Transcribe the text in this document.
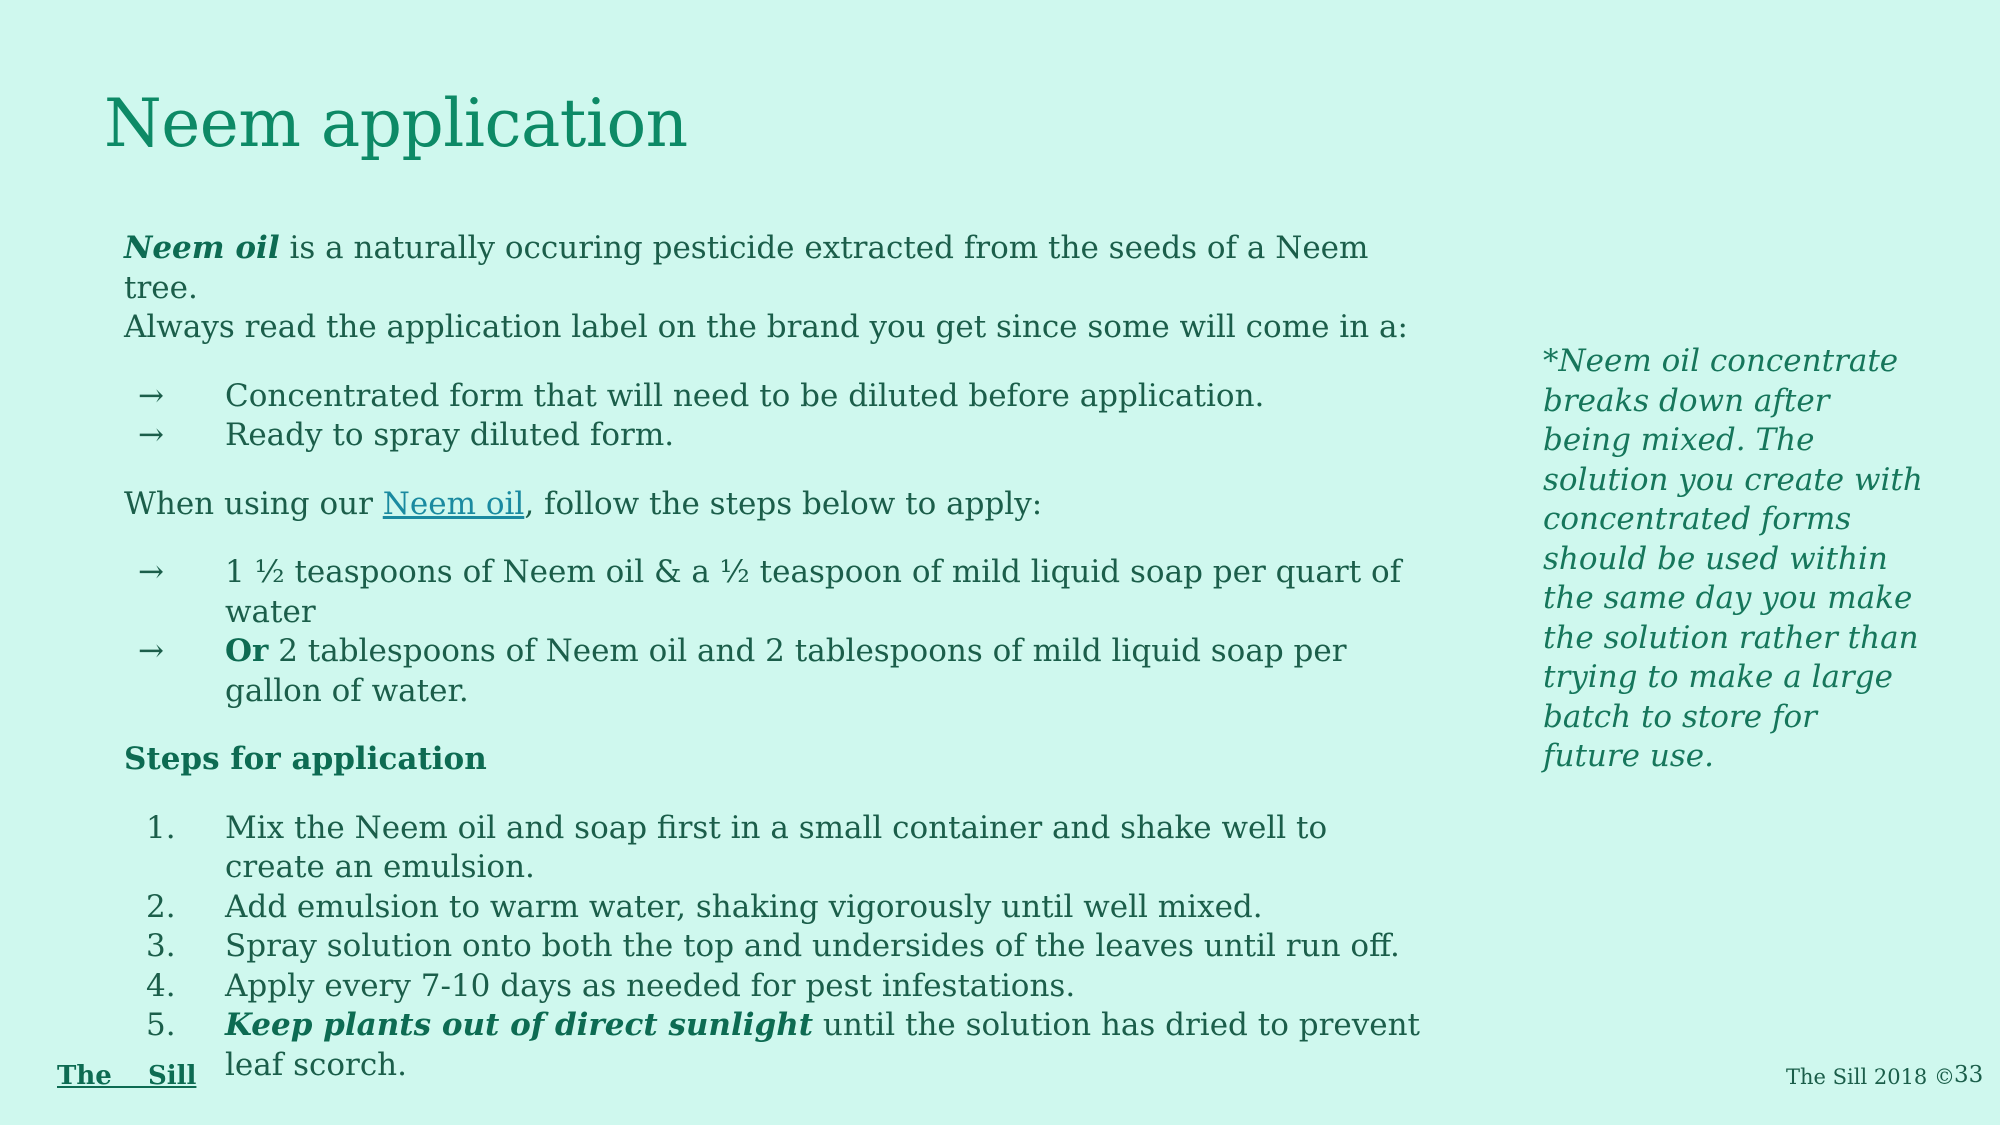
Neem application

Neem oil is a naturally occuring pesticide extracted from the seeds of a Neem tree.
Always read the application label on the brand you get since some will come in a:

→	Concentrated form that will need to be diluted before application.
→	Ready to spray diluted form.

When using our Neem oil, follow the steps below to apply:

→	1 ½ teaspoons of Neem oil & a ½ teaspoon of mild liquid soap per quart of water
→	Or 2 tablespoons of Neem oil and 2 tablespoons of mild liquid soap per gallon of water.

Steps for application

1.	Mix the Neem oil and soap first in a small container and shake well to create an emulsion.
2.	Add emulsion to warm water, shaking vigorously until well mixed.
3.	Spray solution onto both the top and undersides of the leaves until run off.
4.	Apply every 7-10 days as needed for pest infestations.
5.	Keep plants out of direct sunlight until the solution has dried to prevent leaf scorch.
*Neem oil concentrate breaks down after being mixed. The solution you create with concentrated forms should be used within the same day you make the solution rather than trying to make a large batch to store for future use.
The    Sill	The Sill 2018 © 33
